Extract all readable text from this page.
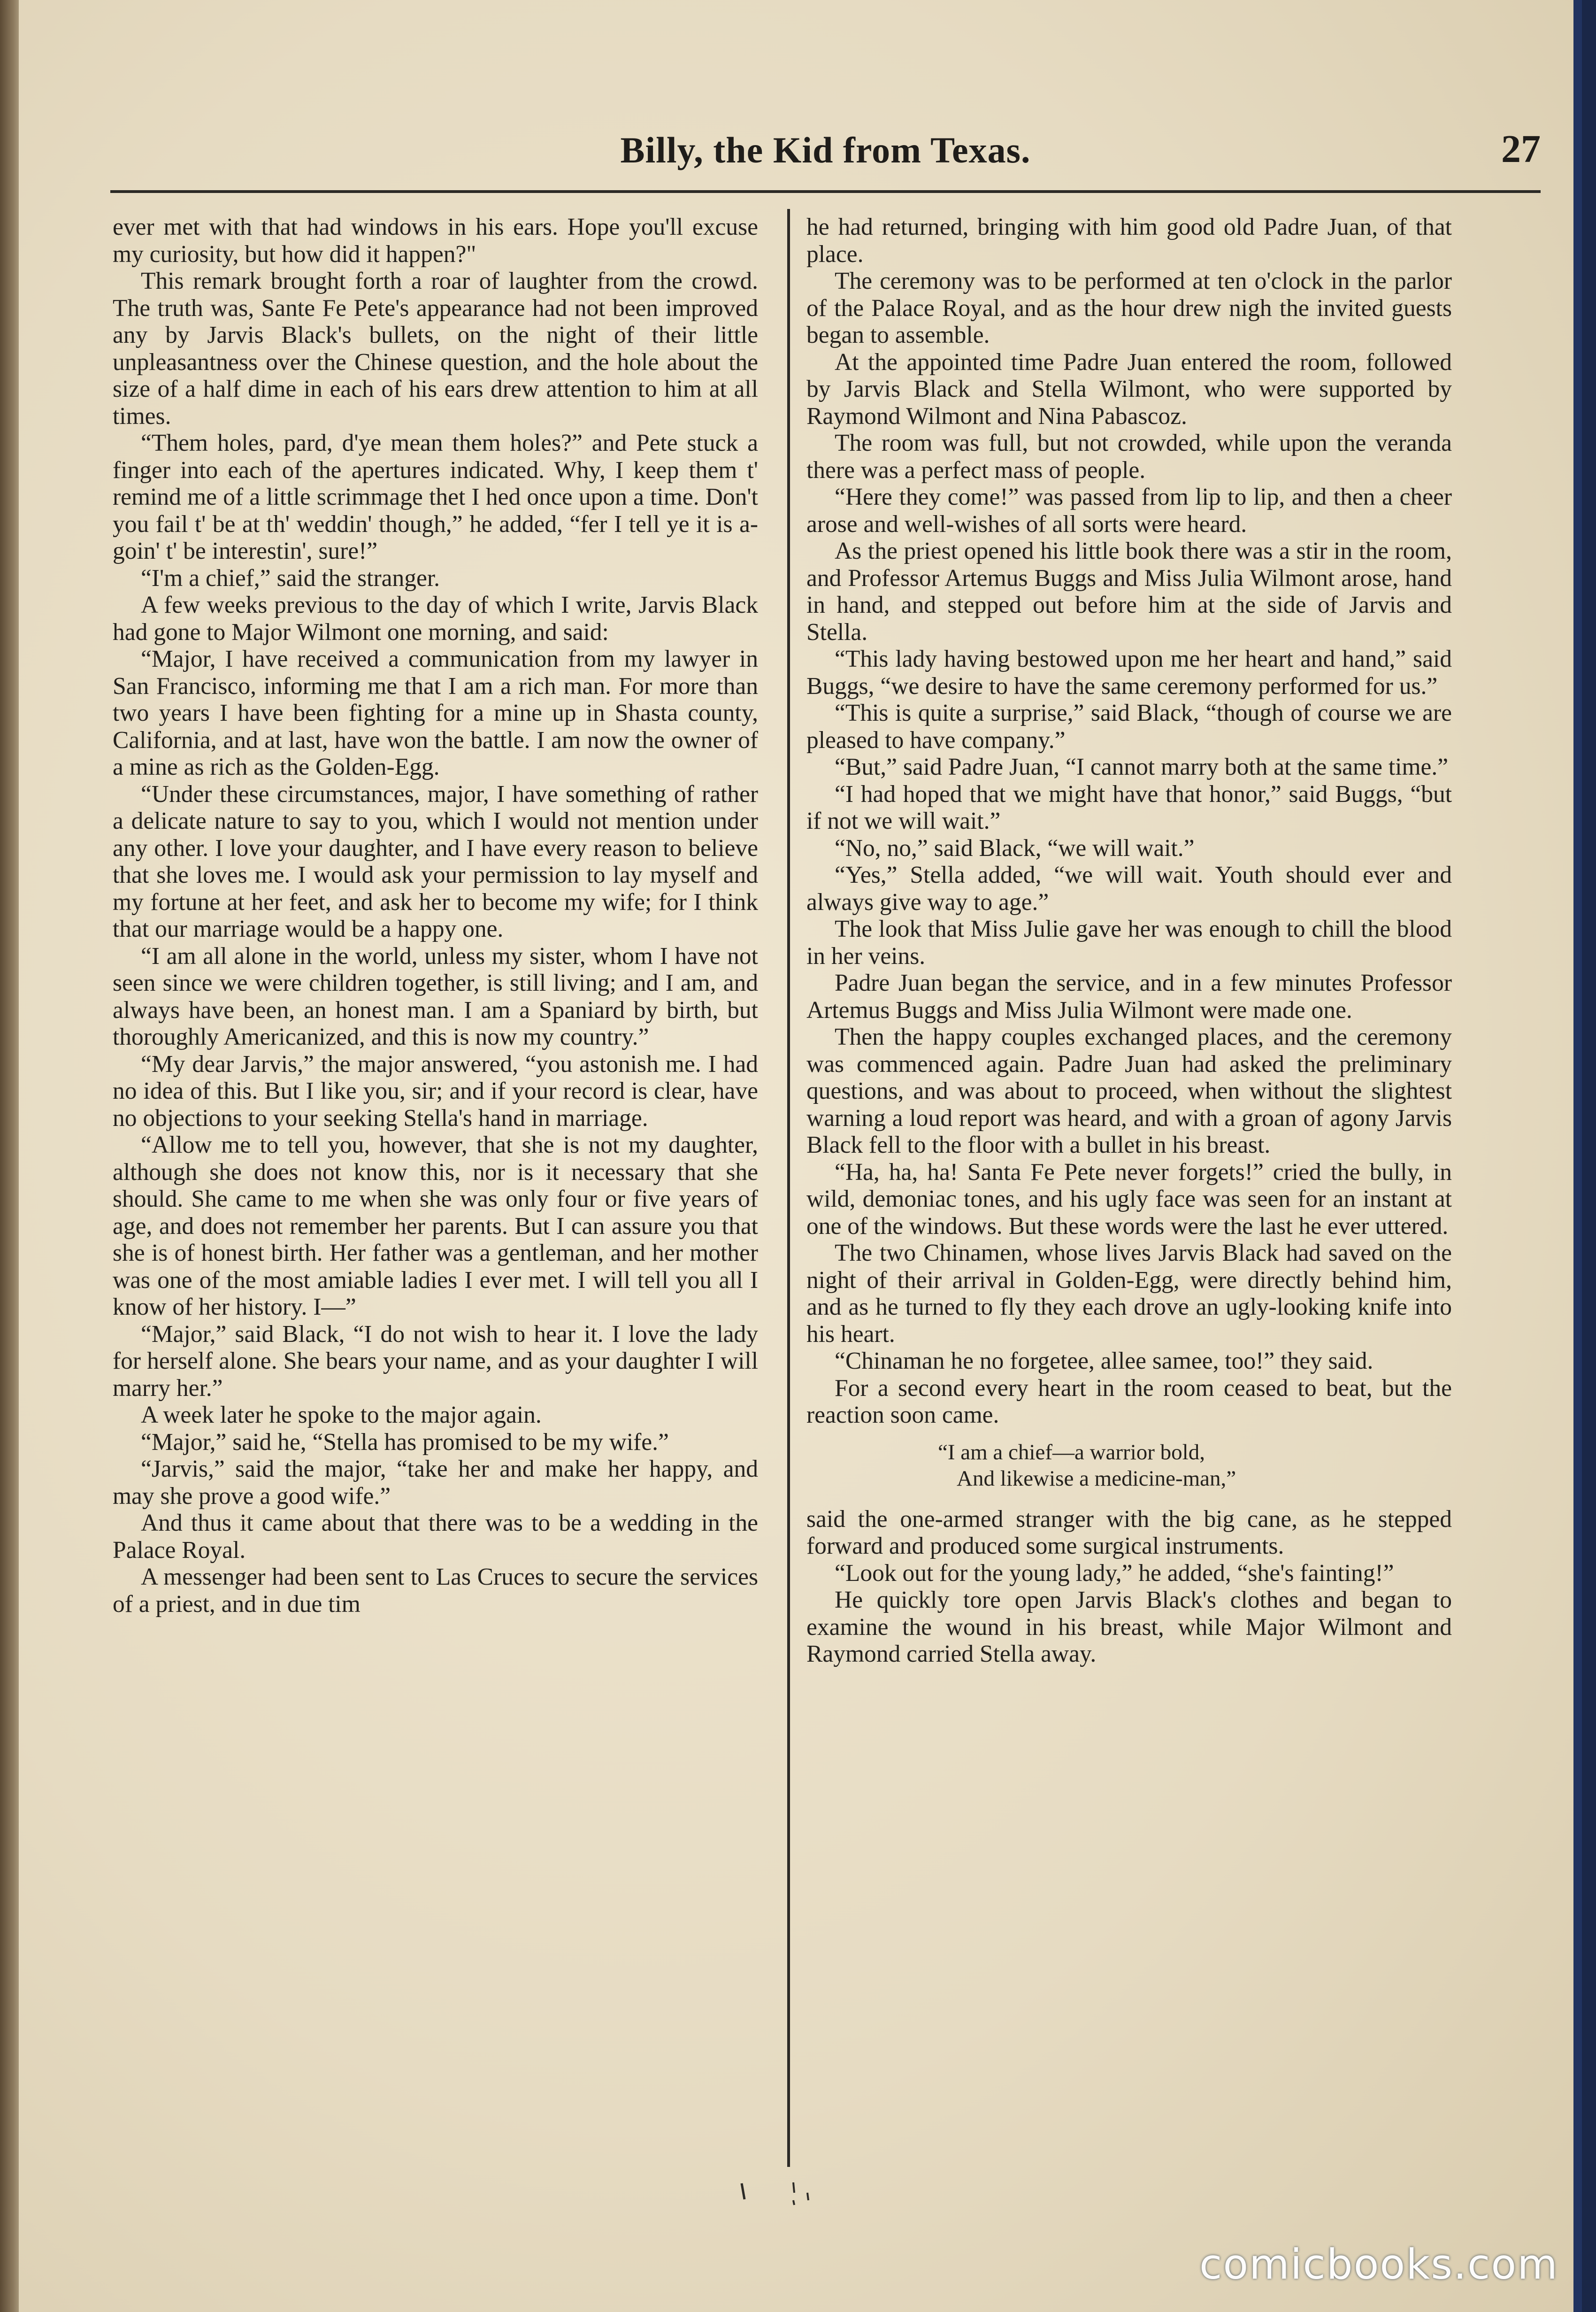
Billy, the Kid from Texas.	27

ever met with that had windows in his ears. Hope you'll excuse my curiosity, but how did it happen?"

This remark brought forth a roar of laughter from the crowd. The truth was, Sante Fe Pete's appearance had not been improved any by Jarvis Black's bullets, on the night of their little unpleasantness over the Chinese question, and the hole about the size of a half dime in each of his ears drew attention to him at all times.

“Them holes, pard, d'ye mean them holes?” and Pete stuck a finger into each of the apertures indicated. Why, I keep them t' remind me of a little scrimmage thet I hed once upon a time. Don't you fail t' be at th' weddin' though,” he added, “fer I tell ye it is a-goin' t' be interestin', sure!”

“I'm a chief,” said the stranger.

A few weeks previous to the day of which I write, Jarvis Black had gone to Major Wilmont one morning, and said:

“Major, I have received a communication from my lawyer in San Francisco, informing me that I am a rich man. For more than two years I have been fighting for a mine up in Shasta county, California, and at last, have won the battle. I am now the owner of a mine as rich as the Golden-Egg.

“Under these circumstances, major, I have something of rather a delicate nature to say to you, which I would not mention under any other. I love your daughter, and I have every reason to believe that she loves me. I would ask your permission to lay myself and my fortune at her feet, and ask her to become my wife; for I think that our marriage would be a happy one.

“I am all alone in the world, unless my sister, whom I have not seen since we were children together, is still living; and I am, and always have been, an honest man. I am a Spaniard by birth, but thoroughly Americanized, and this is now my country.”

“My dear Jarvis,” the major answered, “you astonish me. I had no idea of this. But I like you, sir; and if your record is clear, have no objections to your seeking Stella's hand in marriage.

“Allow me to tell you, however, that she is not my daughter, although she does not know this, nor is it necessary that she should. She came to me when she was only four or five years of age, and does not remember her parents. But I can assure you that she is of honest birth. Her father was a gentleman, and her mother was one of the most amiable ladies I ever met. I will tell you all I know of her history. I—”

“Major,” said Black, “I do not wish to hear it. I love the lady for herself alone. She bears your name, and as your daughter I will marry her.”

A week later he spoke to the major again.

“Major,” said he, “Stella has promised to be my wife.”

“Jarvis,” said the major, “take her and make her happy, and may she prove a good wife.”

And thus it came about that there was to be a wedding in the Palace Royal.

A messenger had been sent to Las Cruces to secure the services of a priest, and in due tim

he had returned, bringing with him good old Padre Juan, of that place.

The ceremony was to be performed at ten o'clock in the parlor of the Palace Royal, and as the hour drew nigh the invited guests began to assemble.

At the appointed time Padre Juan entered the room, followed by Jarvis Black and Stella Wilmont, who were supported by Raymond Wilmont and Nina Pabascoz.

The room was full, but not crowded, while upon the veranda there was a perfect mass of people.

“Here they come!” was passed from lip to lip, and then a cheer arose and well-wishes of all sorts were heard.

As the priest opened his little book there was a stir in the room, and Professor Artemus Buggs and Miss Julia Wilmont arose, hand in hand, and stepped out before him at the side of Jarvis and Stella.

“This lady having bestowed upon me her heart and hand,” said Buggs, “we desire to have the same ceremony performed for us.”

“This is quite a surprise,” said Black, “though of course we are pleased to have company.”

“But,” said Padre Juan, “I cannot marry both at the same time.”

“I had hoped that we might have that honor,” said Buggs, “but if not we will wait.”

“No, no,” said Black, “we will wait.”

“Yes,” Stella added, “we will wait. Youth should ever and always give way to age.”

The look that Miss Julie gave her was enough to chill the blood in her veins.

Padre Juan began the service, and in a few minutes Professor Artemus Buggs and Miss Julia Wilmont were made one.

Then the happy couples exchanged places, and the ceremony was commenced again. Padre Juan had asked the preliminary questions, and was about to proceed, when without the slightest warning a loud report was heard, and with a groan of agony Jarvis Black fell to the floor with a bullet in his breast.

“Ha, ha, ha! Santa Fe Pete never forgets!” cried the bully, in wild, demoniac tones, and his ugly face was seen for an instant at one of the windows. But these words were the last he ever uttered.

The two Chinamen, whose lives Jarvis Black had saved on the night of their arrival in Golden-Egg, were directly behind him, and as he turned to fly they each drove an ugly-looking knife into his heart.

“Chinaman he no forgetee, allee samee, too!” they said.

For a second every heart in the room ceased to beat, but the reaction soon came.

“I am a chief—a warrior bold,
And likewise a medicine-man,”

said the one-armed stranger with the big cane, as he stepped forward and produced some surgical instruments.

“Look out for the young lady,” he added, “she's fainting!”

He quickly tore open Jarvis Black's clothes and began to examine the wound in his breast, while Major Wilmont and Raymond carried Stella away.

comicbooks.com
